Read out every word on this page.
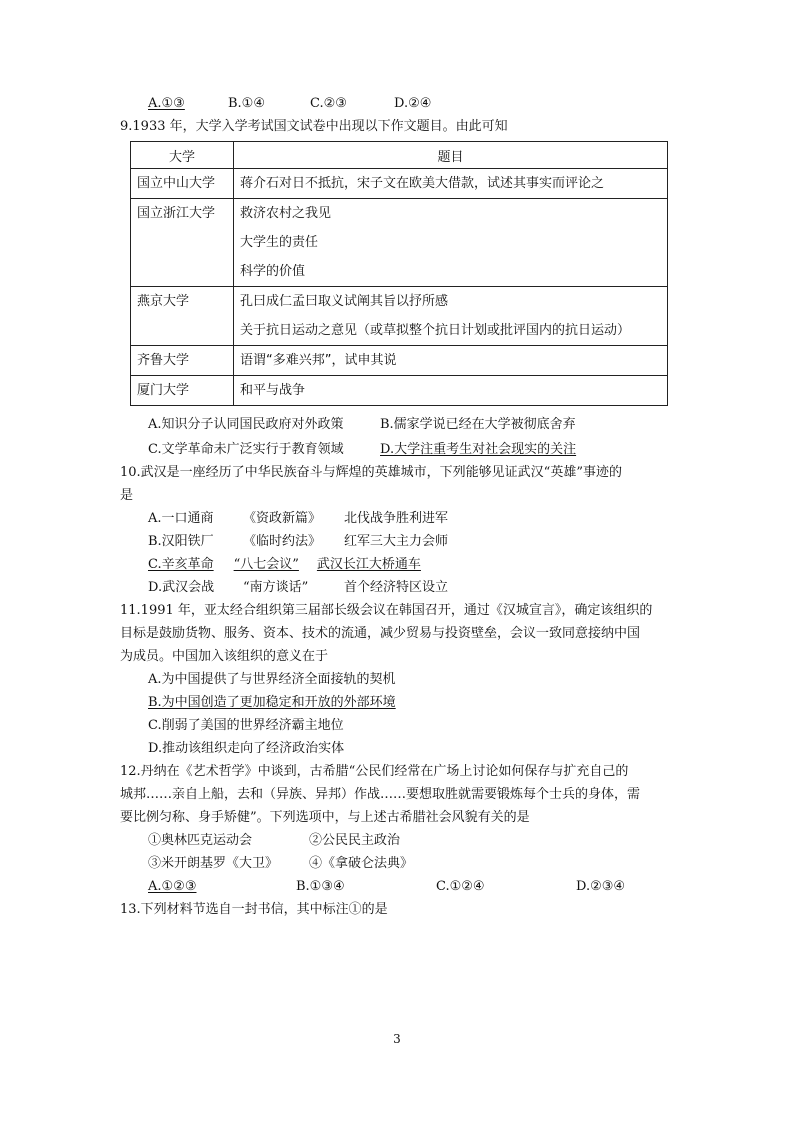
A.①③	B.①④	C.②③	D.②④
9.1933 年，大学入学考试国文试卷中出现以下作文题目。由此可知
大学	题目
国立中山大学	蒋介石对日不抵抗，宋子文在欧美大借款，试述其事实而评论之

国立浙江大学	救济农村之我见
大学生的责任
科学的价值

燕京大学	孔曰成仁孟曰取义试阐其旨以抒所感
关于抗日运动之意见（或草拟整个抗日计划或批评国内的抗日运动）

齐鲁大学	语谓“多难兴邦”，试申其说

厦门大学	和平与战争
A.知识分子认同国民政府对外政策	B.儒家学说已经在大学被彻底舍弃
C.文学革命未广泛实行于教育领域	D.大学注重考生对社会现实的关注
10.武汉是一座经历了中华民族奋斗与辉煌的英雄城市，下列能够见证武汉“英雄”事迹的
是
A.一口通商 《资政新篇》 北伐战争胜利进军
B.汉阳铁厂 《临时约法》 红军三大主力会师
C.辛亥革命 “八七会议” 武汉长江大桥通车
D.武汉会战 “南方谈话”	首个经济特区设立
11.1991 年，亚太经合组织第三届部长级会议在韩国召开，通过《汉城宣言》，确定该组织的
目标是鼓励货物、服务、资本、技术的流通，减少贸易与投资壁垒，会议一致同意接纳中国
为成员。中国加入该组织的意义在于
A.为中国提供了与世界经济全面接轨的契机
B.为中国创造了更加稳定和开放的外部环境
C.削弱了美国的世界经济霸主地位
D.推动该组织走向了经济政治实体
12.丹纳在《艺术哲学》中谈到，古希腊“公民们经常在广场上讨论如何保存与扩充自己的
城邦……亲自上船，去和（异族、异邦）作战……要想取胜就需要锻炼每个士兵的身体，需
要比例匀称、身手矫健”。下列选项中，与上述古希腊社会风貌有关的是
①奥林匹克运动会	②公民民主政治
③米开朗基罗《大卫》 ④《拿破仑法典》
A.①②③	B.①③④	C.①②④	D.②③④
13.下列材料节选自一封书信，其中标注①的是
3
